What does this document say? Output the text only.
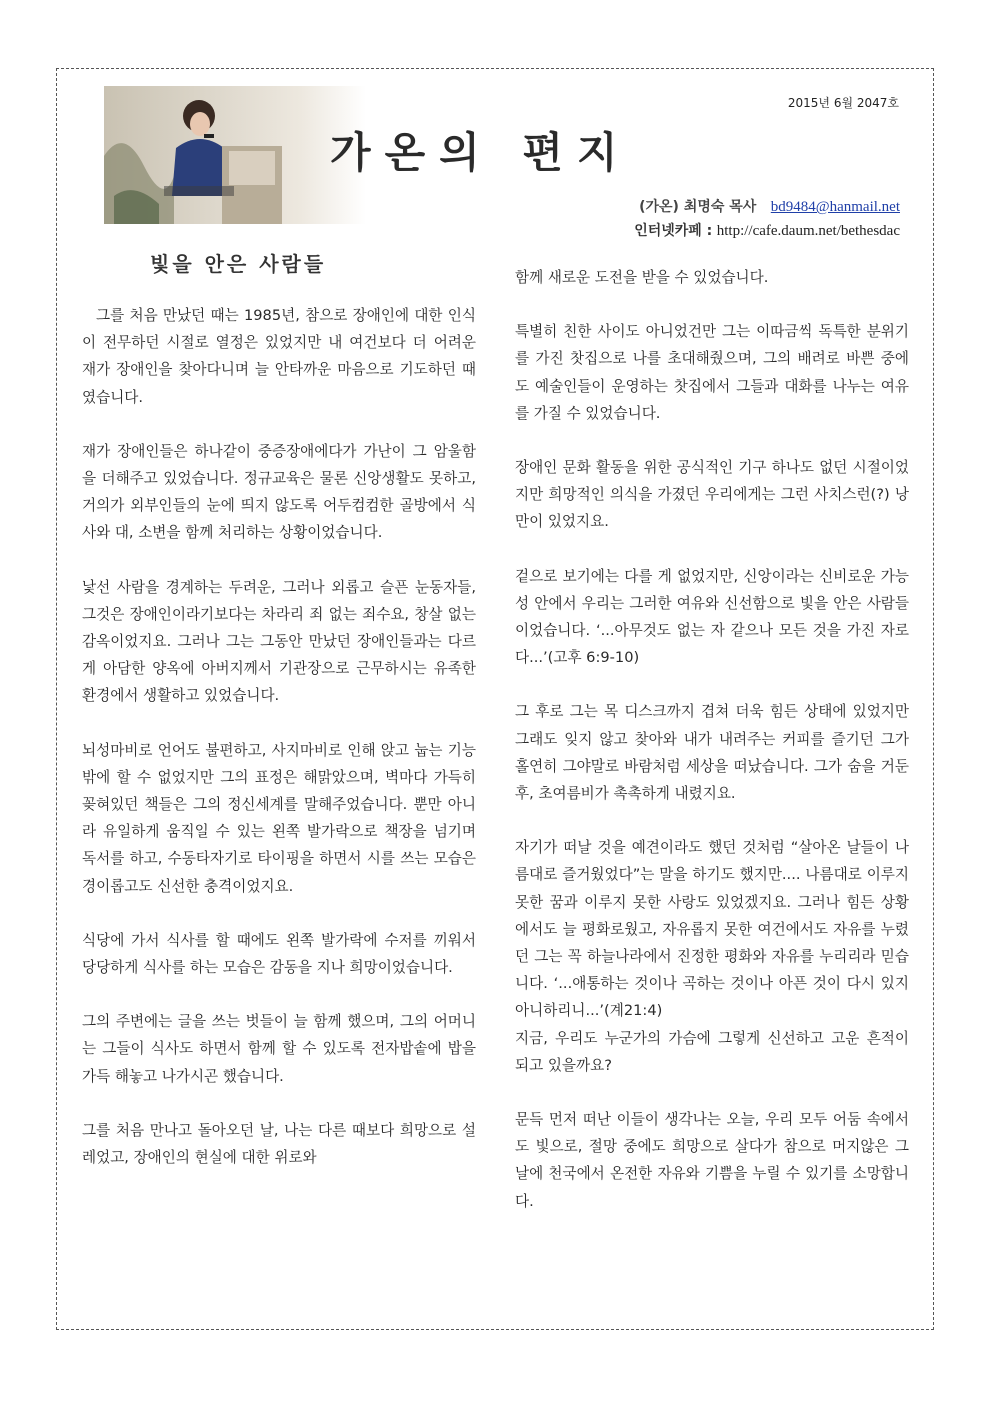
2015년 6월 2047호
가온의 편지
(가온) 최명숙 목사 bd9484@hanmail.net
인터넷카페 : http://cafe.daum.net/bethesdac
빛을 안은 사람들

그를 처음 만났던 때는 1985년, 참으로 장애인에 대한 인식이 전무하던 시절로 열정은 있었지만 내 여건보다 더 어려운 재가 장애인을 찾아다니며 늘 안타까운 마음으로 기도하던 때였습니다.

재가 장애인들은 하나같이 중증장애에다가 가난이 그 암울함을 더해주고 있었습니다. 정규교육은 물론 신앙생활도 못하고, 거의가 외부인들의 눈에 띄지 않도록 어두컴컴한 골방에서 식사와 대, 소변을 함께 처리하는 상황이었습니다.

낯선 사람을 경계하는 두려운, 그러나 외롭고 슬픈 눈동자들, 그것은 장애인이라기보다는 차라리 죄 없는 죄수요, 창살 없는 감옥이었지요. 그러나 그는 그동안 만났던 장애인들과는 다르게 아담한 양옥에 아버지께서 기관장으로 근무하시는 유족한 환경에서 생활하고 있었습니다.

뇌성마비로 언어도 불편하고, 사지마비로 인해 앉고 눕는 기능 밖에 할 수 없었지만 그의 표정은 해맑았으며, 벽마다 가득히 꽂혀있던 책들은 그의 정신세계를 말해주었습니다. 뿐만 아니라 유일하게 움직일 수 있는 왼쪽 발가락으로 책장을 넘기며 독서를 하고, 수동타자기로 타이핑을 하면서 시를 쓰는 모습은 경이롭고도 신선한 충격이었지요.

식당에 가서 식사를 할 때에도 왼쪽 발가락에 수저를 끼워서 당당하게 식사를 하는 모습은 감동을 지나 희망이었습니다.

그의 주변에는 글을 쓰는 벗들이 늘 함께 했으며, 그의 어머니는 그들이 식사도 하면서 함께 할 수 있도록 전자밥솥에 밥을 가득 해놓고 나가시곤 했습니다.

그를 처음 만나고 돌아오던 날, 나는 다른 때보다 희망으로 설레었고, 장애인의 현실에 대한 위로와

함께 새로운 도전을 받을 수 있었습니다.

특별히 친한 사이도 아니었건만 그는 이따금씩 독특한 분위기를 가진 찻집으로 나를 초대해줬으며, 그의 배려로 바쁜 중에도 예술인들이 운영하는 찻집에서 그들과 대화를 나누는 여유를 가질 수 있었습니다.

장애인 문화 활동을 위한 공식적인 기구 하나도 없던 시절이었지만 희망적인 의식을 가졌던 우리에게는 그런 사치스런(?) 낭만이 있었지요.

겉으로 보기에는 다를 게 없었지만, 신앙이라는 신비로운 가능성 안에서 우리는 그러한 여유와 신선함으로 빛을 안은 사람들이었습니다. ‘...아무것도 없는 자 같으나 모든 것을 가진 자로다...’(고후 6:9-10)

그 후로 그는 목 디스크까지 겹쳐 더욱 힘든 상태에 있었지만 그래도 잊지 않고 찾아와 내가 내려주는 커피를 즐기던 그가 홀연히 그야말로 바람처럼 세상을 떠났습니다. 그가 숨을 거둔 후, 초여름비가 촉촉하게 내렸지요.

자기가 떠날 것을 예견이라도 했던 것처럼 “살아온 날들이 나름대로 즐거웠었다”는 말을 하기도 했지만.... 나름대로 이루지 못한 꿈과 이루지 못한 사랑도 있었겠지요. 그러나 힘든 상황에서도 늘 평화로웠고, 자유롭지 못한 여건에서도 자유를 누렸던 그는 꼭 하늘나라에서 진정한 평화와 자유를 누리리라 믿습니다. ‘...애통하는 것이나 곡하는 것이나 아픈 것이 다시 있지 아니하리니...’(계21:4)

지금, 우리도 누군가의 가슴에 그렇게 신선하고 고운 흔적이 되고 있을까요?

문득 먼저 떠난 이들이 생각나는 오늘, 우리 모두 어둠 속에서도 빛으로, 절망 중에도 희망으로 살다가 참으로 머지않은 그 날에 천국에서 온전한 자유와 기쁨을 누릴 수 있기를 소망합니다.
